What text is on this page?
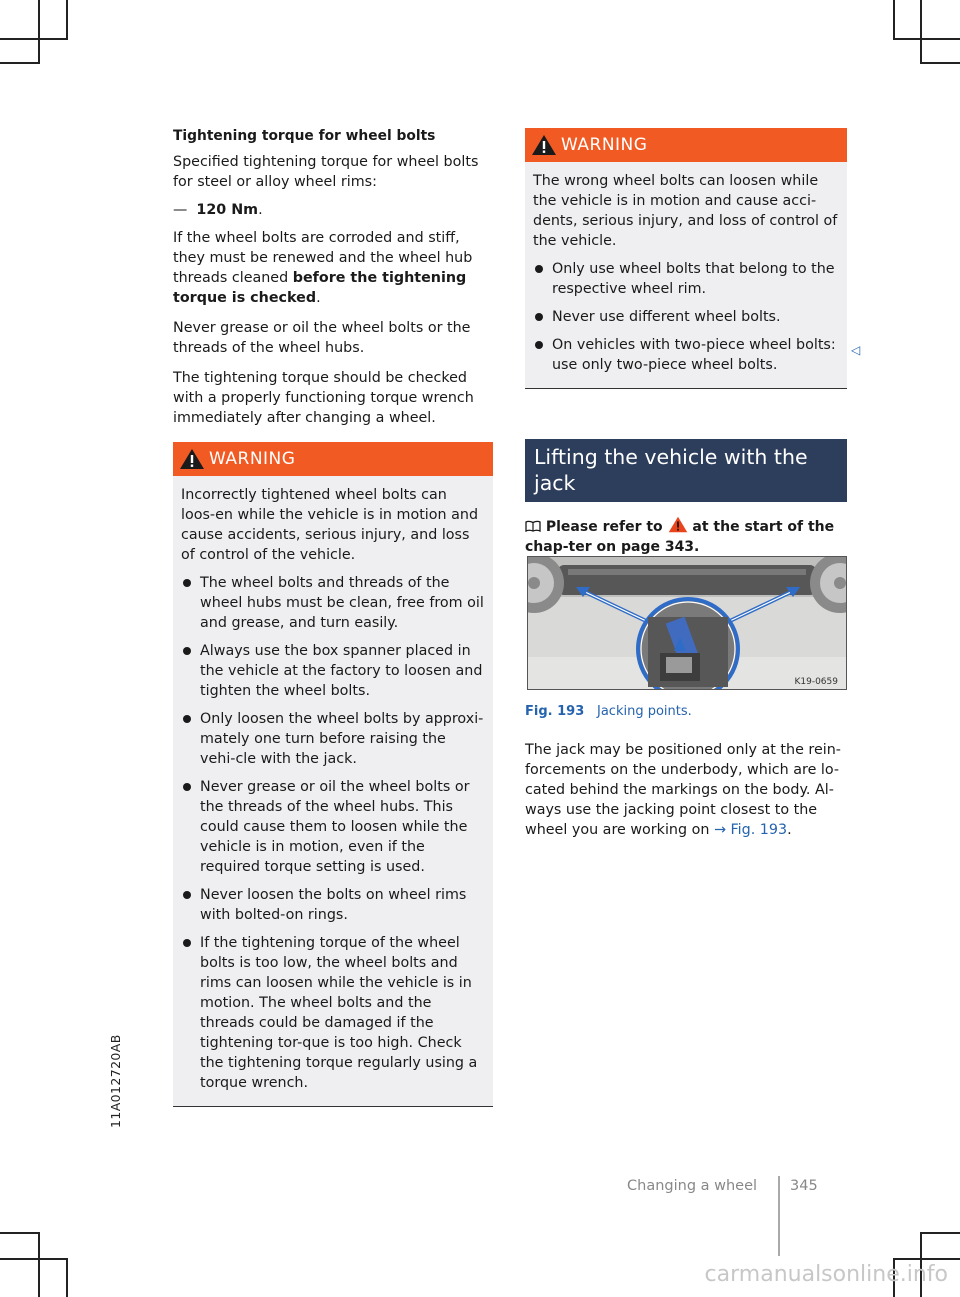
Tightening torque for wheel bolts

Specified tightening torque for wheel bolts for steel or alloy wheel rims:

— 120 Nm.

If the wheel bolts are corroded and stiff, they must be renewed and the wheel hub threads cleaned before the tightening torque is checked.

Never grease or oil the wheel bolts or the threads of the wheel hubs.

The tightening torque should be checked with a properly functioning torque wrench immediately after changing a wheel.

WARNING

Incorrectly tightened wheel bolts can loos-en while the vehicle is in motion and cause accidents, serious injury, and loss of control of the vehicle.

The wheel bolts and threads of the wheel hubs must be clean, free from oil and grease, and turn easily.
Always use the box spanner placed in the vehicle at the factory to loosen and tighten the wheel bolts.
Only loosen the wheel bolts by approxi-mately one turn before raising the vehi-cle with the jack.
Never grease or oil the wheel bolts or the threads of the wheel hubs. This could cause them to loosen while the vehicle is in motion, even if the required torque setting is used.
Never loosen the bolts on wheel rims with bolted-on rings.
If the tightening torque of the wheel bolts is too low, the wheel bolts and rims can loosen while the vehicle is in motion. The wheel bolts and the threads could be damaged if the tightening tor-que is too high. Check the tightening torque regularly using a torque wrench.
WARNING

The wrong wheel bolts can loosen while the vehicle is in motion and cause acci-dents, serious injury, and loss of control of the vehicle.

Only use wheel bolts that belong to the respective wheel rim.
Never use different wheel bolts.
On vehicles with two-piece wheel bolts: use only two-piece wheel bolts.
Lifting the vehicle with the jack

Please refer to at the start of the chap-ter on page 343.

◁
K19-0659
Fig. 193 Jacking points.

The jack may be positioned only at the rein-forcements on the underbody, which are lo-cated behind the markings on the body. Al-ways use the jacking point closest to the wheel you are working on → Fig. 193.

11A012720AB
Changing a wheel 345
carmanualsonline.info
